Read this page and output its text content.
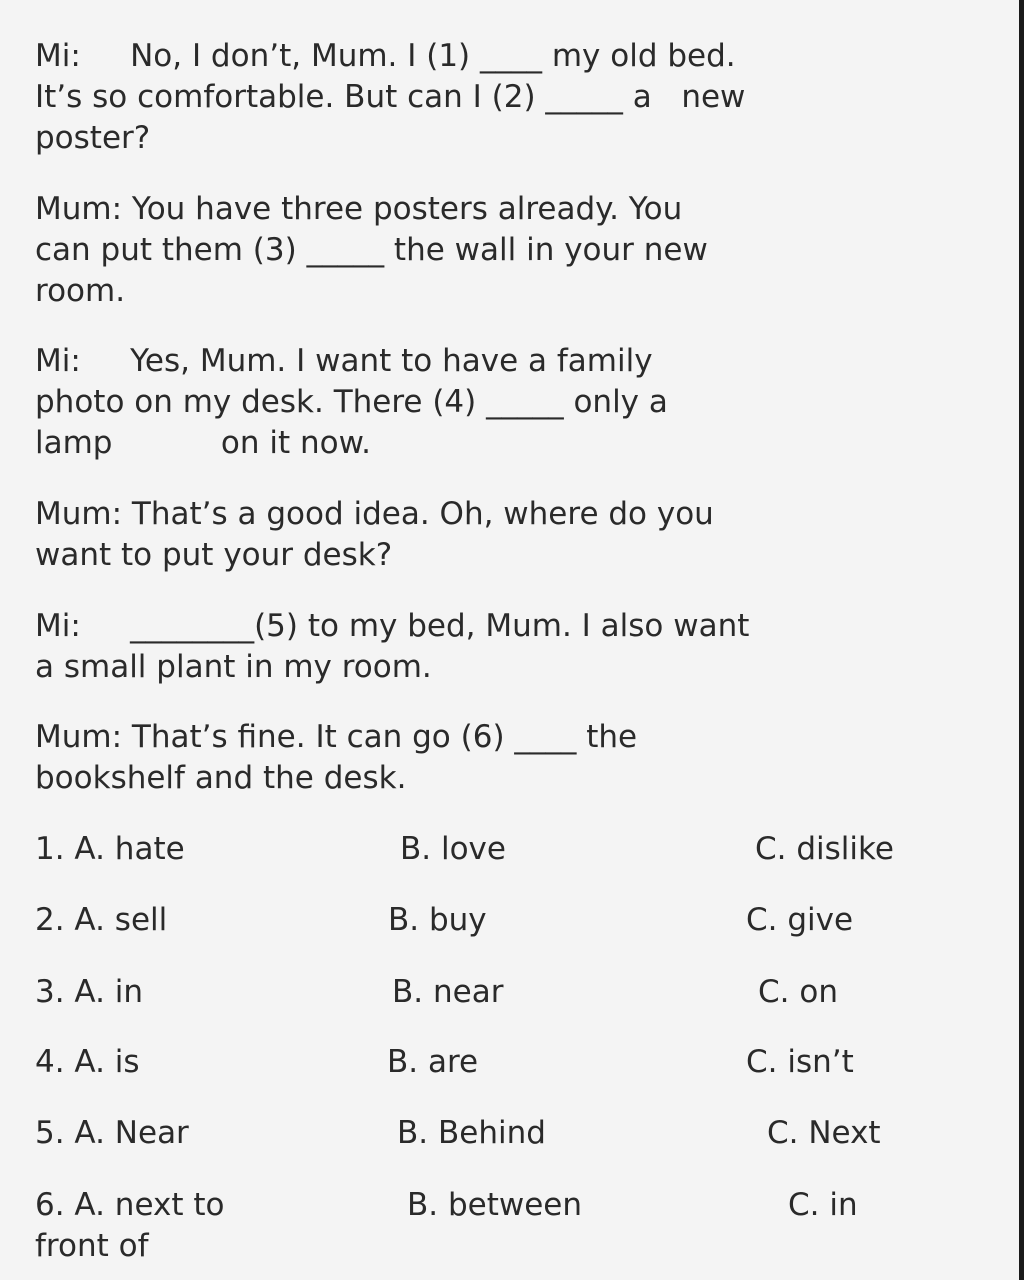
Mi:     No, I don’t, Mum. I (1) ____ my old bed.
It’s so comfortable. But can I (2) _____ a   new
poster?
Mum: You have three posters already. You
can put them (3) _____ the wall in your new
room.
Mi:     Yes, Mum. I want to have a family
photo on my desk. There (4) _____ only a
lamp           on it now.
Mum: That’s a good idea. Oh, where do you
want to put your desk?
Mi:     ________(5) to my bed, Mum. I also want
a small plant in my room.
Mum: That’s fine. It can go (6) ____ the
bookshelf and the desk.
1. A. hate	B. love	C. dislike
2. A. sell	B. buy	C. give
3. A. in	B. near	C. on
4. A. is	B. are	C. isn’t
5. A. Near	B. Behind	C. Next
6. A. next to	B. between	C. in
front of
